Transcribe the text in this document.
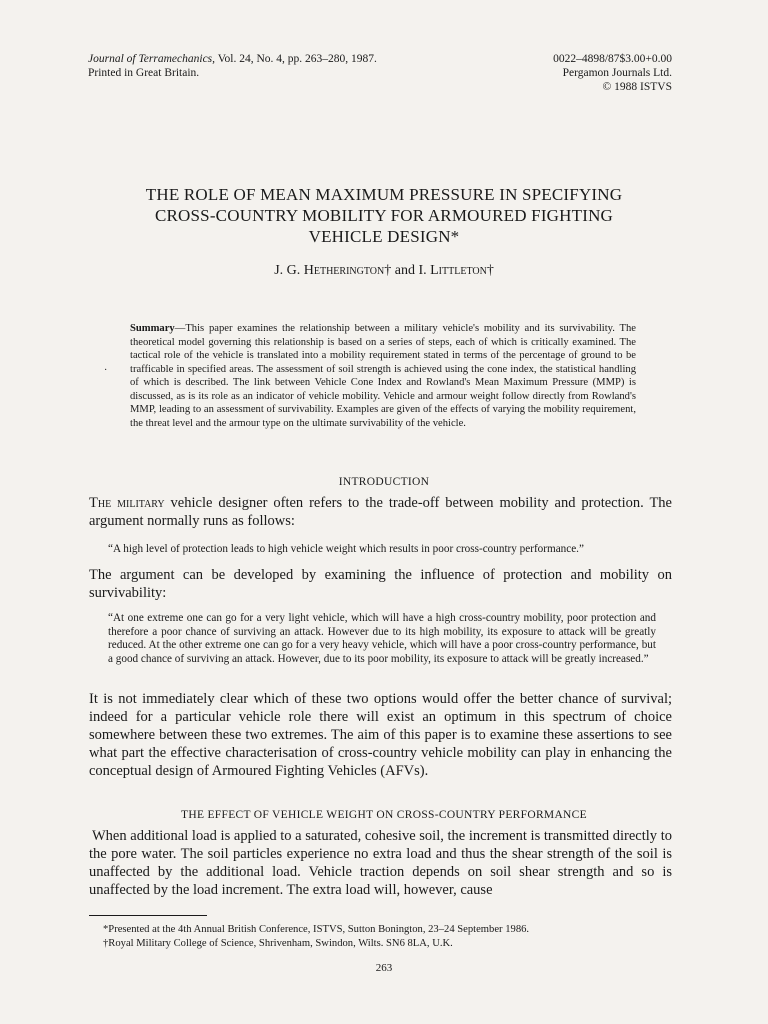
Journal of Terramechanics, Vol. 24, No. 4, pp. 263–280, 1987.
Printed in Great Britain.
0022–4898/87$3.00+0.00
Pergamon Journals Ltd.
© 1988 ISTVS
THE ROLE OF MEAN MAXIMUM PRESSURE IN SPECIFYING
CROSS-COUNTRY MOBILITY FOR ARMOURED FIGHTING
VEHICLE DESIGN*
J. G. Hetherington† and I. Littleton†
·
Summary—This paper examines the relationship between a military vehicle's mobility and its survivability. The theoretical model governing this relationship is based on a series of steps, each of which is critically examined. The tactical role of the vehicle is translated into a mobility requirement stated in terms of the percentage of ground to be trafficable in specified areas. The assessment of soil strength is achieved using the cone index, the statistical handling of which is described. The link between Vehicle Cone Index and Rowland's Mean Maximum Pressure (MMP) is discussed, as is its role as an indicator of vehicle mobility. Vehicle and armour weight follow directly from Rowland's MMP, leading to an assessment of survivability. Examples are given of the effects of varying the mobility requirement, the threat level and the armour type on the ultimate survivability of the vehicle.
INTRODUCTION
The military vehicle designer often refers to the trade-off between mobility and protection. The argument normally runs as follows:
“A high level of protection leads to high vehicle weight which results in poor cross-country performance.”
The argument can be developed by examining the influence of protection and mobility on survivability:
“At one extreme one can go for a very light vehicle, which will have a high cross-country mobility, poor protection and therefore a poor chance of surviving an attack. However due to its high mobility, its exposure to attack will be greatly reduced. At the other extreme one can go for a very heavy vehicle, which will have a poor cross-country performance, but a good chance of surviving an attack. However, due to its poor mobility, its exposure to attack will be greatly increased.”
It is not immediately clear which of these two options would offer the better chance of survival; indeed for a particular vehicle role there will exist an optimum in this spectrum of choice somewhere between these two extremes. The aim of this paper is to examine these assertions to see what part the effective characterisation of cross-country vehicle mobility can play in enhancing the conceptual design of Armoured Fighting Vehicles (AFVs).
THE EFFECT OF VEHICLE WEIGHT ON CROSS-COUNTRY PERFORMANCE
When additional load is applied to a saturated, cohesive soil, the increment is transmitted directly to the pore water. The soil particles experience no extra load and thus the shear strength of the soil is unaffected by the additional load. Vehicle traction depends on soil shear strength and so is unaffected by the load increment. The extra load will, however, cause
*Presented at the 4th Annual British Conference, ISTVS, Sutton Bonington, 23–24 September 1986.
†Royal Military College of Science, Shrivenham, Swindon, Wilts. SN6 8LA, U.K.
263
